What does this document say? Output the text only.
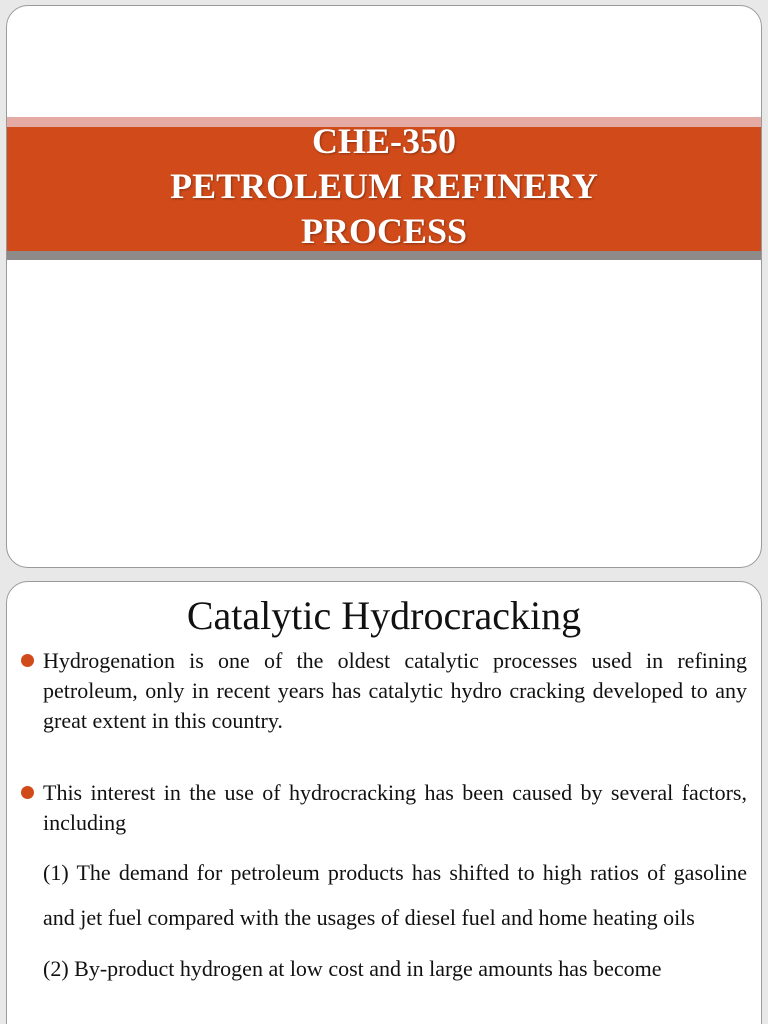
CHE-350
PETROLEUM REFINERY
PROCESS
Catalytic Hydrocracking
Hydrogenation is one of the oldest catalytic processes used in refining petroleum, only in recent years has catalytic hydro cracking developed to any great extent in this country.
This interest in the use of hydrocracking has been caused by several factors, including
(1) The demand for petroleum products has shifted to high ratios of gasoline and jet fuel compared with the usages of diesel fuel and home heating oils
(2) By-product hydrogen at low cost and in large amounts has become
